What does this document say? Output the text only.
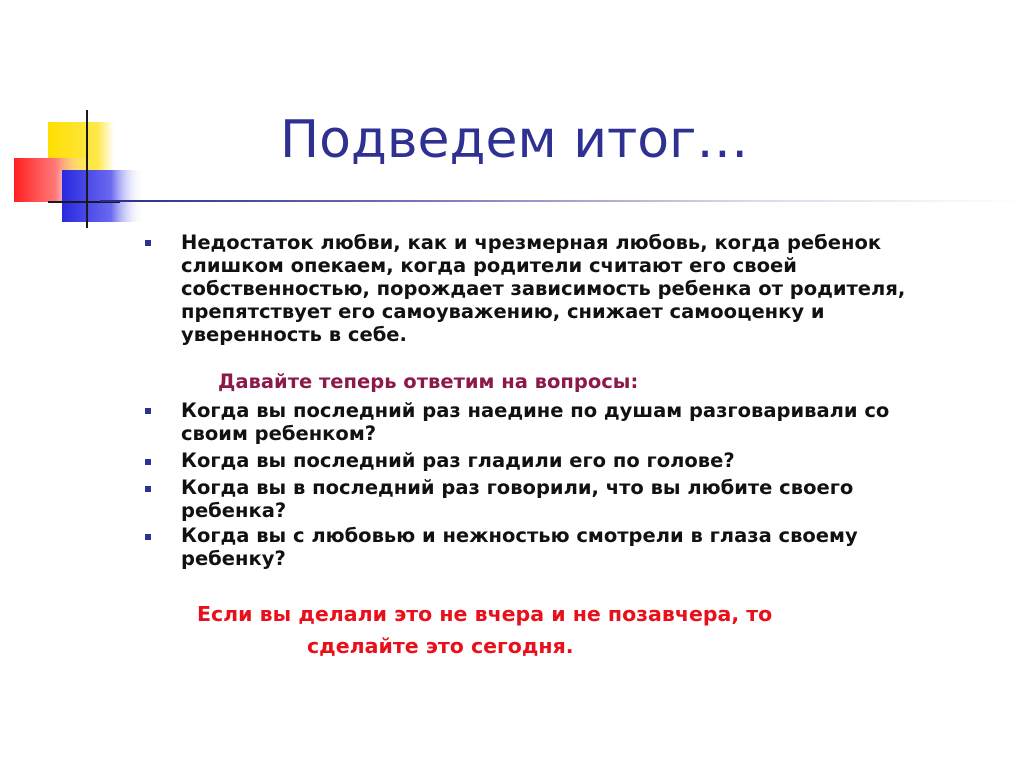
Подведем итог…
Недостаток любви, как и чрезмерная любовь, когда ребенок слишком опекаем, когда родители считают его своей собственностью, порождает зависимость ребенка от родителя, препятствует его самоуважению, снижает самооценку и уверенность в себе.
Давайте теперь ответим на вопросы:
Когда вы последний раз наедине по душам разговаривали со своим ребенком?
Когда вы последний раз гладили его по голове?
Когда вы в последний раз говорили, что вы любите своего ребенка?
Когда вы с любовью и нежностью смотрели в глаза своему ребенку?
Если вы делали это не вчера и не позавчера, то
сделайте это сегодня.
